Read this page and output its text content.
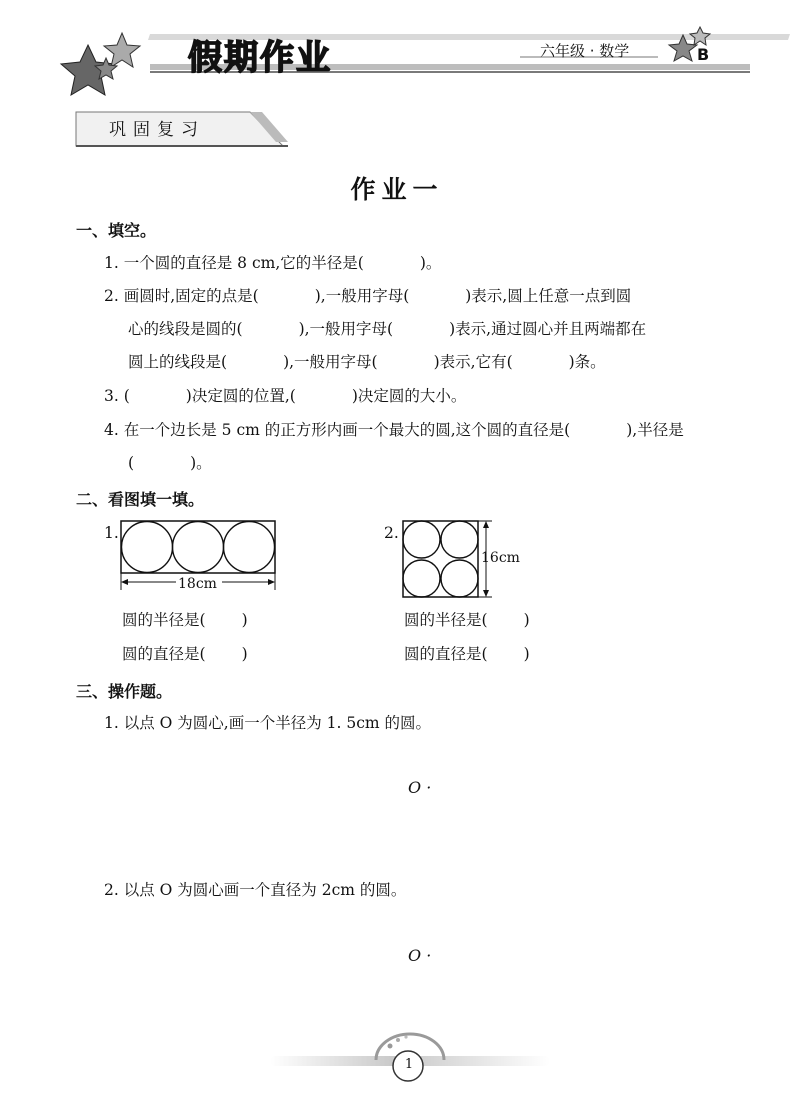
假期作业	六年级 · 数学	B
巩固复习
作业一
一、填空。
1. 一个圆的直径是 8 cm,它的半径是(	)。
2. 画圆时,固定的点是(	),一般用字母(	)表示,圆上任意一点到圆
心的线段是圆的(	),一般用字母(	)表示,通过圆心并且两端都在
圆上的线段是(	),一般用字母(	)表示,它有(	)条。
3. (	)决定圆的位置,(	)决定圆的大小。
4. 在一个边长是 5 cm 的正方形内画一个最大的圆,这个圆的直径是(	),半径是
(	)。
二、看图填一填。
1.
18cm
2.
16cm
圆的半径是( )
圆的直径是( )
圆的半径是( )
圆的直径是( )
三、操作题。
1. 以点 O 为圆心,画一个半径为 1. 5cm 的圆。
O ·
2. 以点 O 为圆心画一个直径为 2cm 的圆。
O ·
1
